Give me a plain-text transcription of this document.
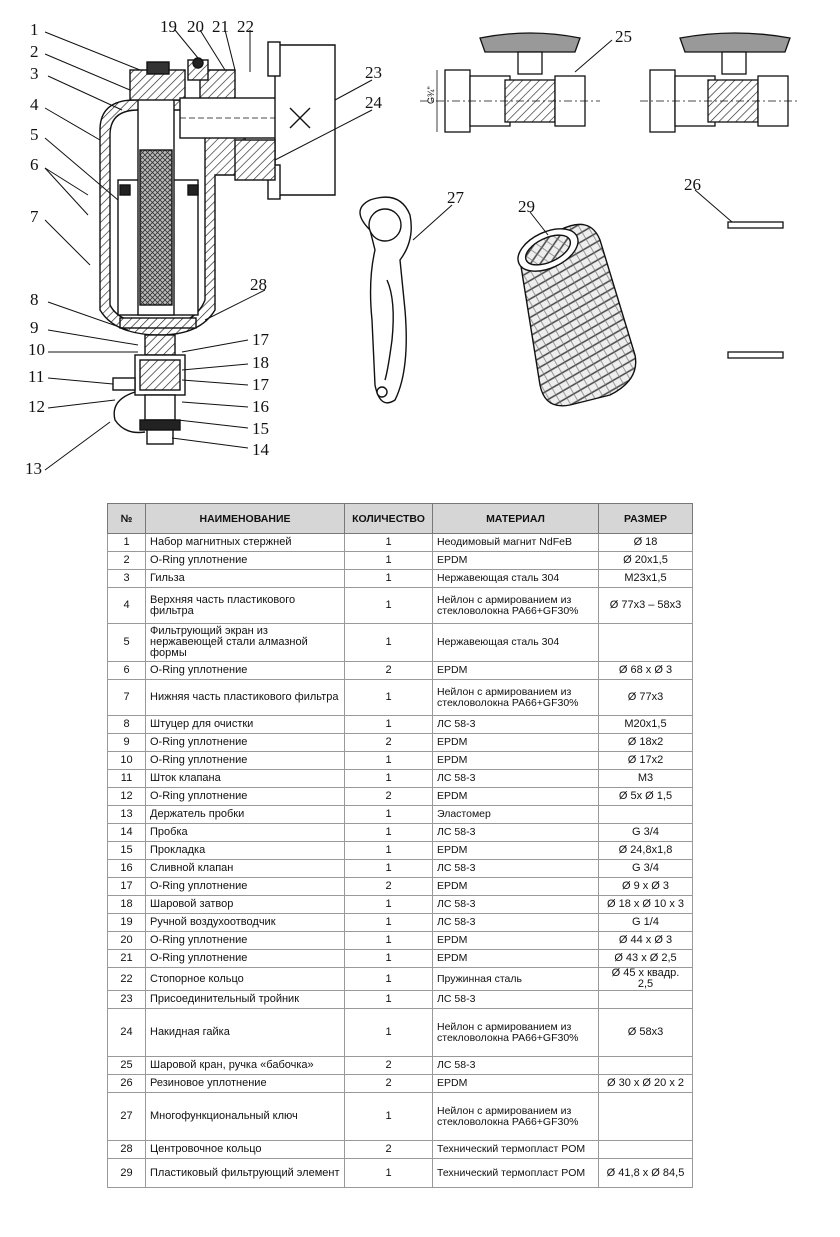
G¾"
1
2
3
4
5
6
7
8
9
10
11
12
13
14
15
16
17
18
17
19 20 21 22
23
24
25
26
27
28
29
№	НАИМЕНОВАНИЕ	КОЛИЧЕСТВО	МАТЕРИАЛ	РАЗМЕР
1	Набор магнитных стержней	1	Неодимовый магнит NdFeB	Ø 18
2	O-Ring уплотнение	1	EPDM	Ø 20x1,5
3	Гильза	1	Нержавеющая сталь 304	M23x1,5
4	Верхняя часть пластикового фильтра	1	Нейлон с армированием из стекловолокна PA66+GF30%	Ø 77x3 – 58x3
5	Фильтрующий экран из нержавеющей стали алмазной формы	1	Нержавеющая сталь 304	
6	O-Ring уплотнение	2	EPDM	Ø 68 x Ø 3
7	Нижняя часть пластикового фильтра	1	Нейлон с армированием из стекловолокна PA66+GF30%	Ø 77x3
8	Штуцер для очистки	1	ЛС 58-3	M20x1,5
9	O-Ring уплотнение	2	EPDM	Ø 18x2
10	O-Ring уплотнение	1	EPDM	Ø 17x2
11	Шток клапана	1	ЛС 58-3	M3
12	O-Ring уплотнение	2	EPDM	Ø 5x Ø 1,5
13	Держатель пробки	1	Эластомер	
14	Пробка	1	ЛС 58-3	G 3/4
15	Прокладка	1	EPDM	Ø 24,8x1,8
16	Сливной клапан	1	ЛС 58-3	G 3/4
17	O-Ring уплотнение	2	EPDM	Ø 9 x Ø 3
18	Шаровой затвор	1	ЛС 58-3	Ø 18 x Ø 10 x 3
19	Ручной воздухоотводчик	1	ЛС 58-3	G 1/4
20	O-Ring уплотнение	1	EPDM	Ø 44 x Ø 3
21	O-Ring уплотнение	1	EPDM	Ø 43 x Ø 2,5
22	Стопорное кольцо	1	Пружинная сталь	Ø 45 x квадр. 2,5
23	Присоединительный тройник	1	ЛС 58-3	
24	Накидная гайка	1	Нейлон с армированием из стекловолокна PA66+GF30%	Ø 58x3
25	Шаровой кран, ручка «бабочка»	2	ЛС 58-3	
26	Резиновое уплотнение	2	EPDM	Ø 30 x Ø 20 x 2
27	Многофункциональный ключ	1	Нейлон с армированием из стекловолокна PA66+GF30%	
28	Центровочное кольцо	2	Технический термопласт POM	
29	Пластиковый фильтрующий элемент	1	Технический термопласт POM	Ø 41,8 x Ø 84,5
